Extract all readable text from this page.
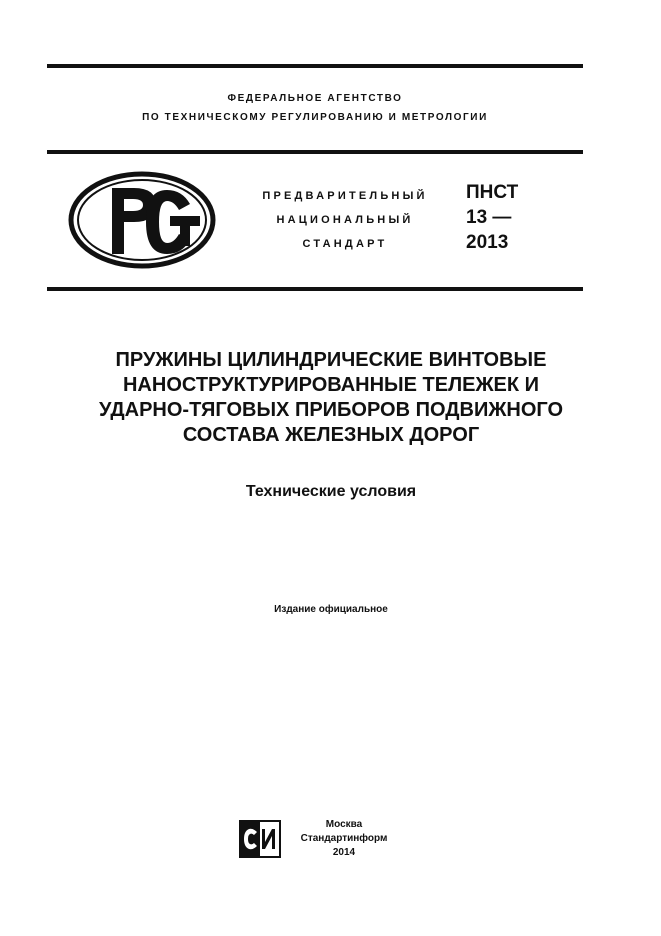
ФЕДЕРАЛЬНОЕ АГЕНТСТВО
ПО ТЕХНИЧЕСКОМУ РЕГУЛИРОВАНИЮ И МЕТРОЛОГИИ
ПРЕДВАРИТЕЛЬНЫЙ
НАЦИОНАЛЬНЫЙ
СТАНДАРТ
ПНСТ
13 —
2013
ПРУЖИНЫ ЦИЛИНДРИЧЕСКИЕ ВИНТОВЫЕ
НАНОСТРУКТУРИРОВАННЫЕ ТЕЛЕЖЕК И
УДАРНО-ТЯГОВЫХ ПРИБОРОВ ПОДВИЖНОГО
СОСТАВА ЖЕЛЕЗНЫХ ДОРОГ
Технические условия
Издание официальное
Москва
Стандартинформ
2014
